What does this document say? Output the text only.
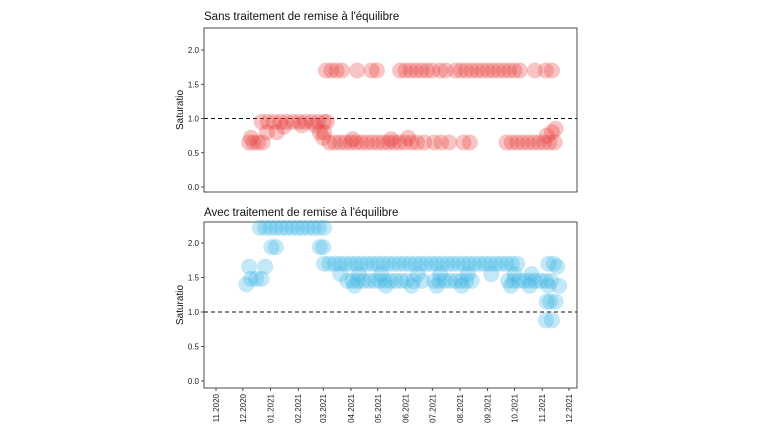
Sans traitement de remise à l'équilibre
0.0
0.5
1.0
1.5
2.0
Saturatio
Avec traitement de remise à l'équilibre
0.0
0.5
1.0
1.5
2.0
11.2020 12.2020 01.2021 02.2021 03.2021 04.2021 05.2021 06.2021 07.2021 08.2021 09.2021 10.2021 11.2021 12.2021
Saturatio
